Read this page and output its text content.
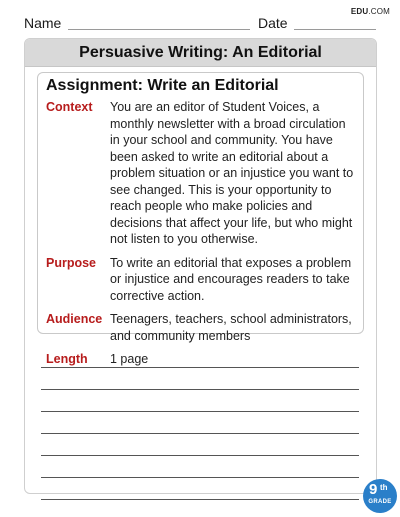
Name	Date
EDU.COM
Persuasive Writing: An Editorial
Assignment: Write an Editorial
Context	You are an editor of Student Voices, a monthly newsletter with a broad circulation in your school and community. You have been asked to write an editorial about a problem situation or an injustice you want to see changed. This is your opportunity to reach people who make policies and decisions that affect your life, but who might not listen to you otherwise.
Purpose	To write an editorial that exposes a problem or injustice and encourages readers to take corrective action.
Audience Teenagers, teachers, school administrators, and community members
Length	1 page
9 th
GRADE
